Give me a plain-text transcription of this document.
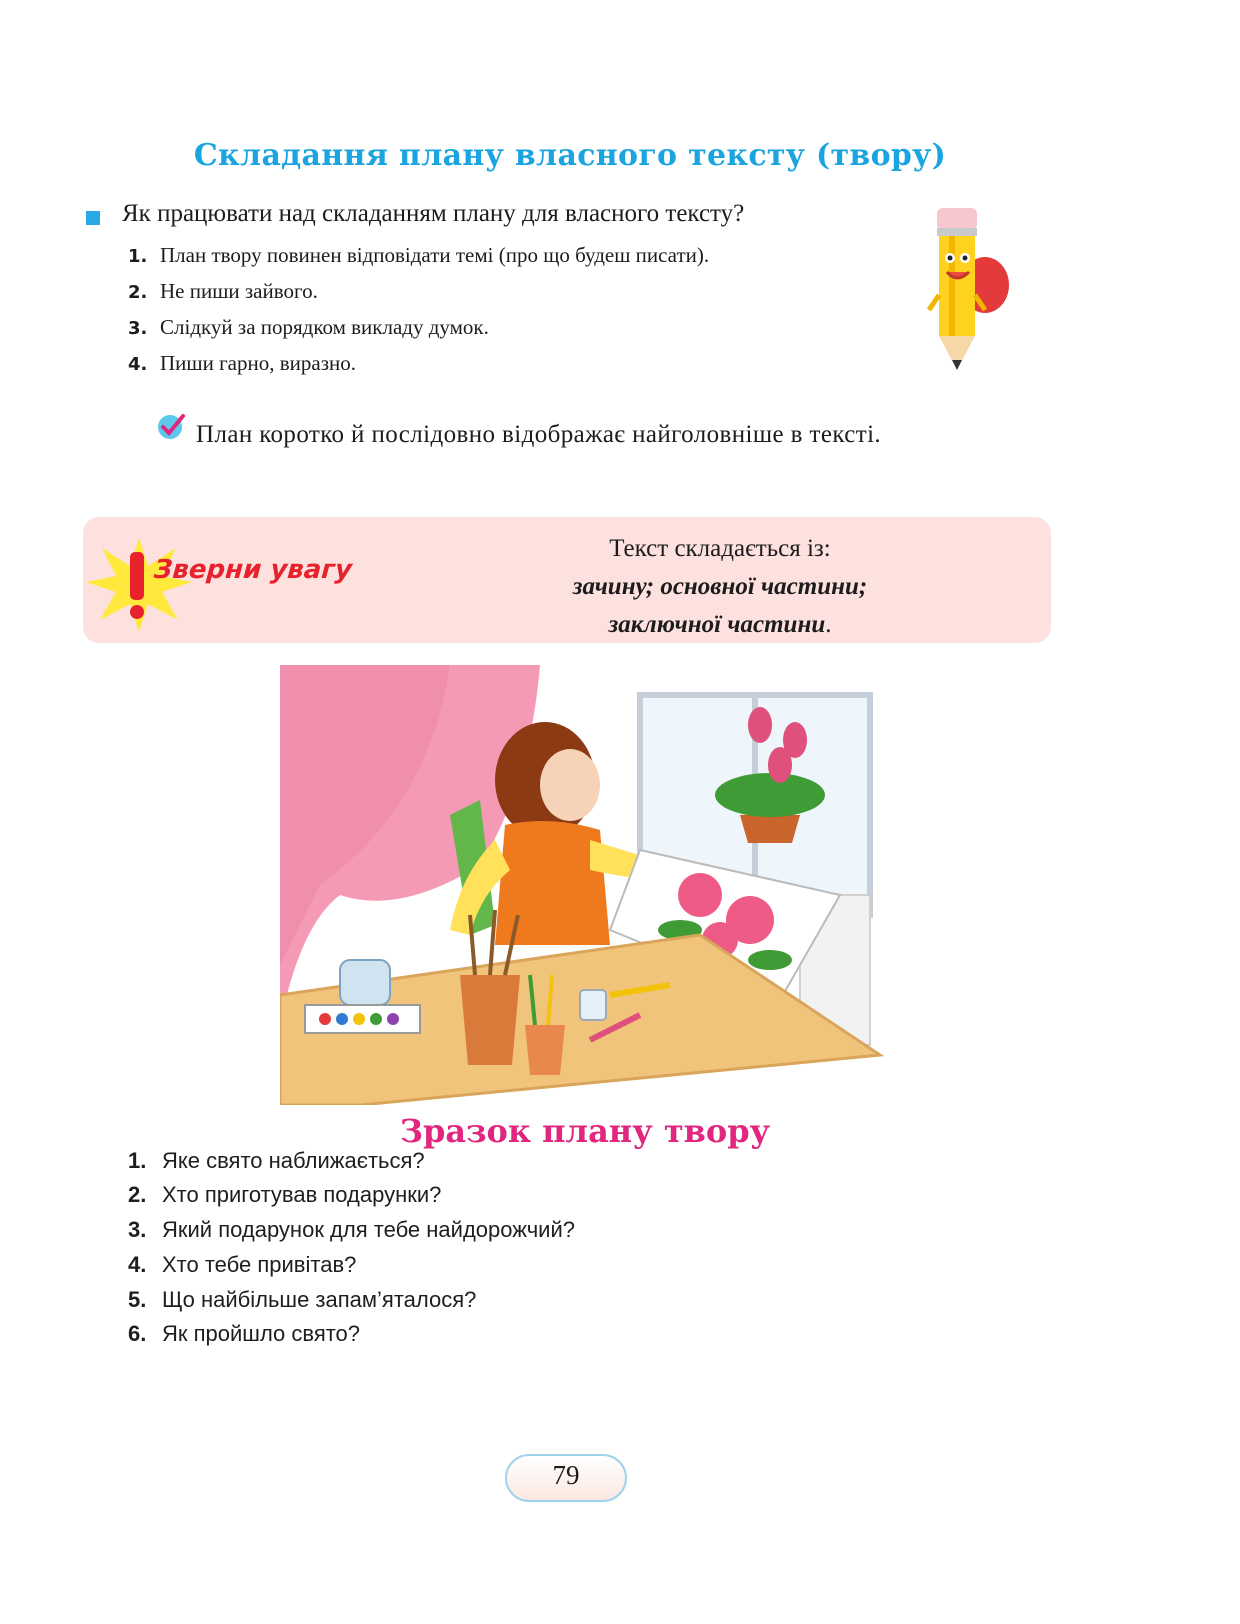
Складання плану власного тексту (твору)
Як працювати над складанням плану для власного тексту?
1. План твору повинен відповідати темі (про що будеш писати).
2. Не пиши зайвого.
3. Слідкуй за порядком викладу думок.
4. Пиши гарно, виразно.
План коротко й послідовно відображає найголовніше в тексті.
Зверни увагу
Текст складається із:
зачину; основної частини;
заключної частини.
Зразок плану твору
1. Яке свято наближається?
2. Хто приготував подарунки?
3. Який подарунок для тебе найдорожчий?
4. Хто тебе привітав?
5. Що найбільше запам’яталося?
6. Як пройшло свято?
79
